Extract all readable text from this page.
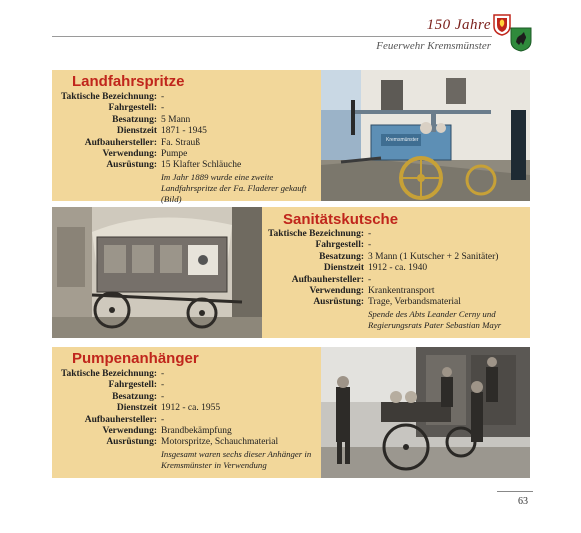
150 Jahre
Feuerwehr Kremsmünster
Landfahrspritze
Taktische Bezeichnung: -
Fahrgestell: -
Besatzung: 5 Mann
Dienstzeit 1871 - 1945
Aufbauhersteller: Fa. Strauß
Verwendung: Pumpe
Ausrüstung: 15 Klafter Schläuche
Im Jahr 1889 wurde eine zweite Landfahrspritze der Fa. Fladerer gekauft (Bild)
Sanitätskutsche
Taktische Bezeichnung: -
Fahrgestell: -
Besatzung: 3 Mann (1 Kutscher + 2 Sanitäter)
Dienstzeit 1912 - ca. 1940
Aufbauhersteller: -
Verwendung: Krankentransport
Ausrüstung: Trage, Verbandsmaterial
Spende des Abts Leander Cerny und Regierungsrats Pater Sebastian Mayr
Pumpenanhänger
Taktische Bezeichnung: -
Fahrgestell: -
Besatzung: -
Dienstzeit 1912 - ca. 1955
Aufbauhersteller: -
Verwendung: Brandbekämpfung
Ausrüstung: Motorspritze, Schauchmaterial
Insgesamt waren sechs dieser Anhänger in Kremsmünster in Verwendung
Kremsmünster
63
